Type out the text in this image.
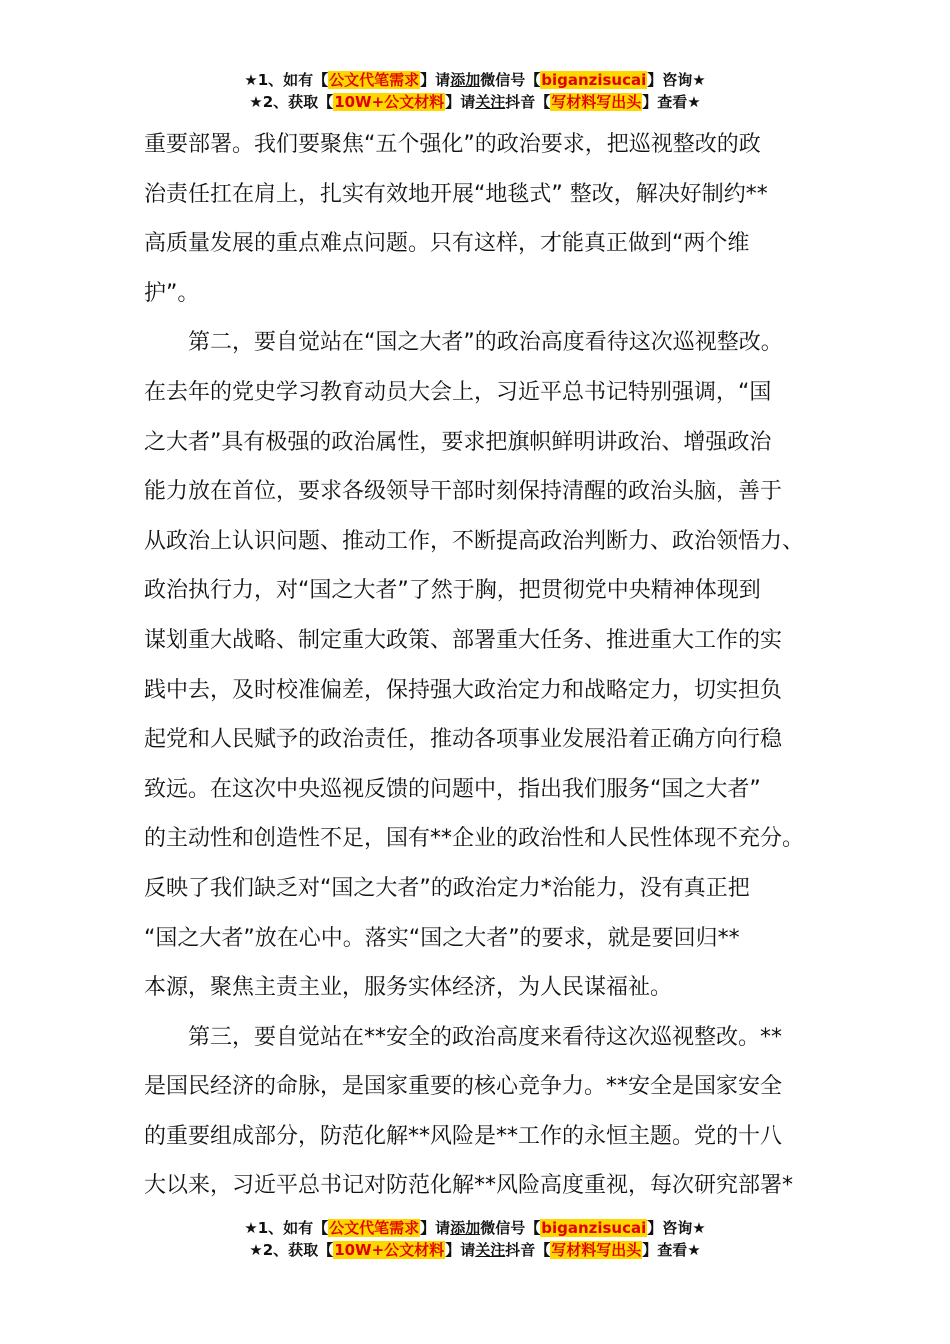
★1、如有【公文代笔需求】请添加微信号【biganzisucai】咨询★
★2、获取【10W+公文材料】请关注抖音【写材料写出头】查看★
重要部署。我们要聚焦“五个强化”的政治要求，把巡视整改的政
治责任扛在肩上，扎实有效地开展“地毯式” 整改，解决好制约**
高质量发展的重点难点问题。只有这样，才能真正做到“两个维
护”。
第二，要自觉站在“国之大者”的政治高度看待这次巡视整改。
在去年的党史学习教育动员大会上，习近平总书记特别强调，“国
之大者”具有极强的政治属性，要求把旗帜鲜明讲政治、增强政治
能力放在首位，要求各级领导干部时刻保持清醒的政治头脑，善于
从政治上认识问题、推动工作，不断提高政治判断力、政治领悟力、
政治执行力，对“国之大者”了然于胸，把贯彻党中央精神体现到
谋划重大战略、制定重大政策、部署重大任务、推进重大工作的实
践中去，及时校准偏差，保持强大政治定力和战略定力，切实担负
起党和人民赋予的政治责任，推动各项事业发展沿着正确方向行稳
致远。在这次中央巡视反馈的问题中，指出我们服务“国之大者”
的主动性和创造性不足，国有**企业的政治性和人民性体现不充分。
反映了我们缺乏对“国之大者”的政治定力*治能力，没有真正把
“国之大者”放在心中。落实“国之大者”的要求，就是要回归**
本源，聚焦主责主业，服务实体经济，为人民谋福祉。
第三，要自觉站在**安全的政治高度来看待这次巡视整改。**
是国民经济的命脉，是国家重要的核心竞争力。**安全是国家安全
的重要组成部分，防范化解**风险是**工作的永恒主题。党的十八
大以来，习近平总书记对防范化解**风险高度重视，每次研究部署*
★1、如有【公文代笔需求】请添加微信号【biganzisucai】咨询★
★2、获取【10W+公文材料】请关注抖音【写材料写出头】查看★
